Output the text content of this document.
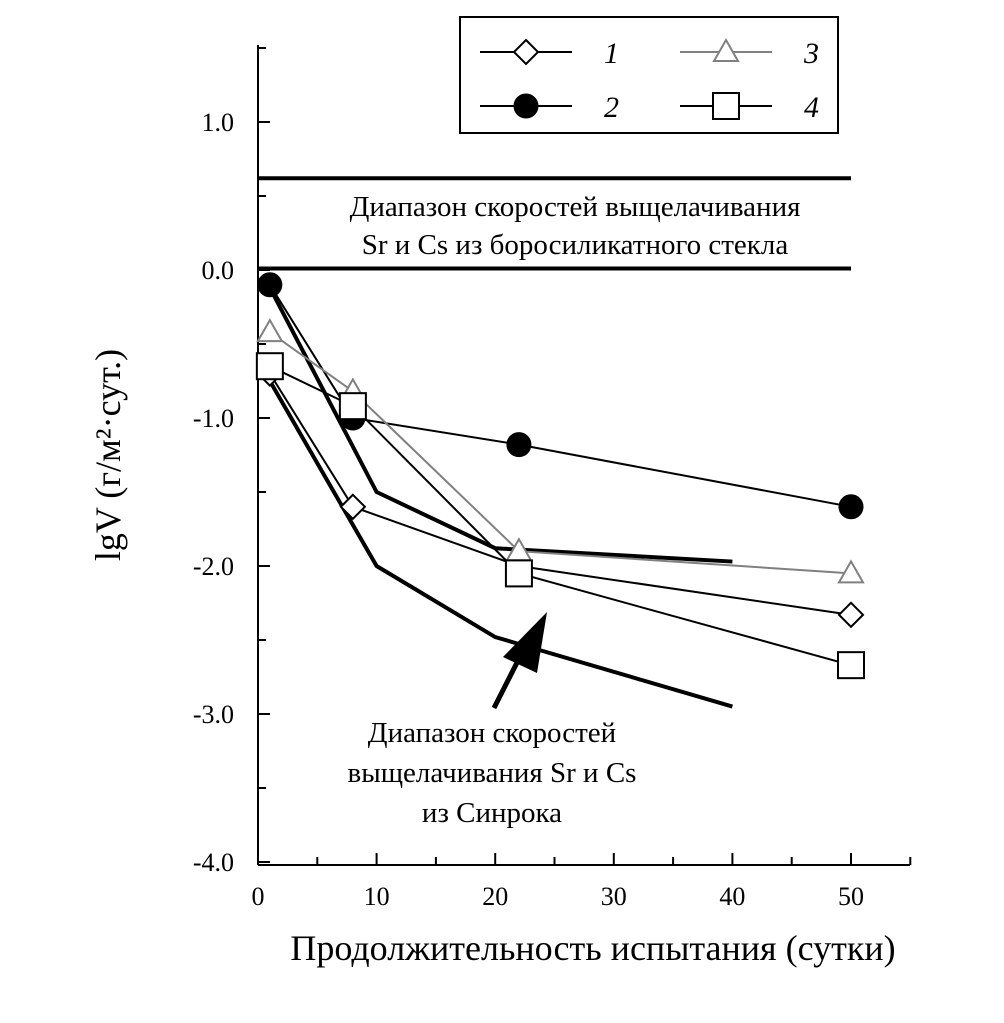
1.0
0.0
-1.0
-2.0
-3.0
-4.0
0	10	20	30	40	50
Продолжительность испытания (сутки)
lgV (г/м²·сут.)
Диапазон скоростей выщелачивания
Sr и Cs из боросиликатного стекла
Диапазон скоростей
выщелачивания Sr и Cs
из Синрока
1
2
3
4
